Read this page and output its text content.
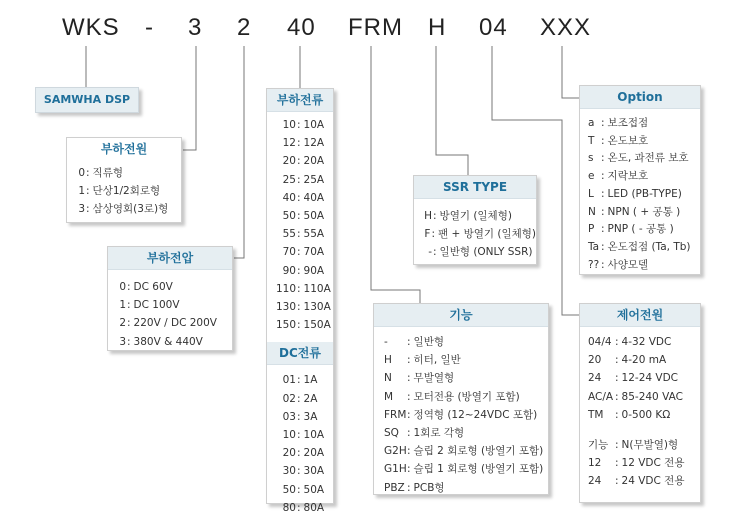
WKS - 3 2 40 FRM H 04 XXX
SAMWHA DSP
부하전원
0 : 직류형
1 : 단상1/2회로형
3 : 삼상영회(3로)형
부하전압
0 : DC 60V
1 : DC 100V
2 : 220V / DC 200V
3 : 380V & 440V
부하전류
10 : 10A
12 : 12A
20 : 20A
25 : 25A
40 : 40A
50 : 50A
55 : 55A
70 : 70A
90 : 90A
110 : 110A
130 : 130A
150 : 150A
DC전류
01 : 1A
02 : 2A
03 : 3A
10 : 10A
20 : 20A
30 : 30A
50 : 50A
80 : 80A
SSR TYPE
H : 방열기 (일체형)
F : 팬 + 방열기 (일체형)
- : 일반형 (ONLY SSR)
기능
-	: 일반형
H	: 히터, 일반
N	: 무발열형
M	: 모터전용 (방열기 포함)
FRM : 정역형 (12~24VDC 포함)
SQ : 1회로 각형
G2H : 슬립 2 회로형 (방열기 포함)
G1H : 슬립 1 회로형 (방열기 포함)
PBZ : PCB형
Option
a : 보조접점
T : 온도보호
s : 온도, 과전류 보호
e : 지락보호
L : LED (PB-TYPE)
N : NPN ( + 공통 )
P : PNP ( - 공통 )
Ta : 온도접점 (Ta, Tb)
?? : 사양모델
제어전원
04/4 : 4-32 VDC
20	: 4-20 mA
24	: 12-24 VDC
AC/A : 85-240 VAC
TM	: 0-500 KΩ
기능 : N(무발열)형
12	: 12 VDC 전용
24	: 24 VDC 전용
